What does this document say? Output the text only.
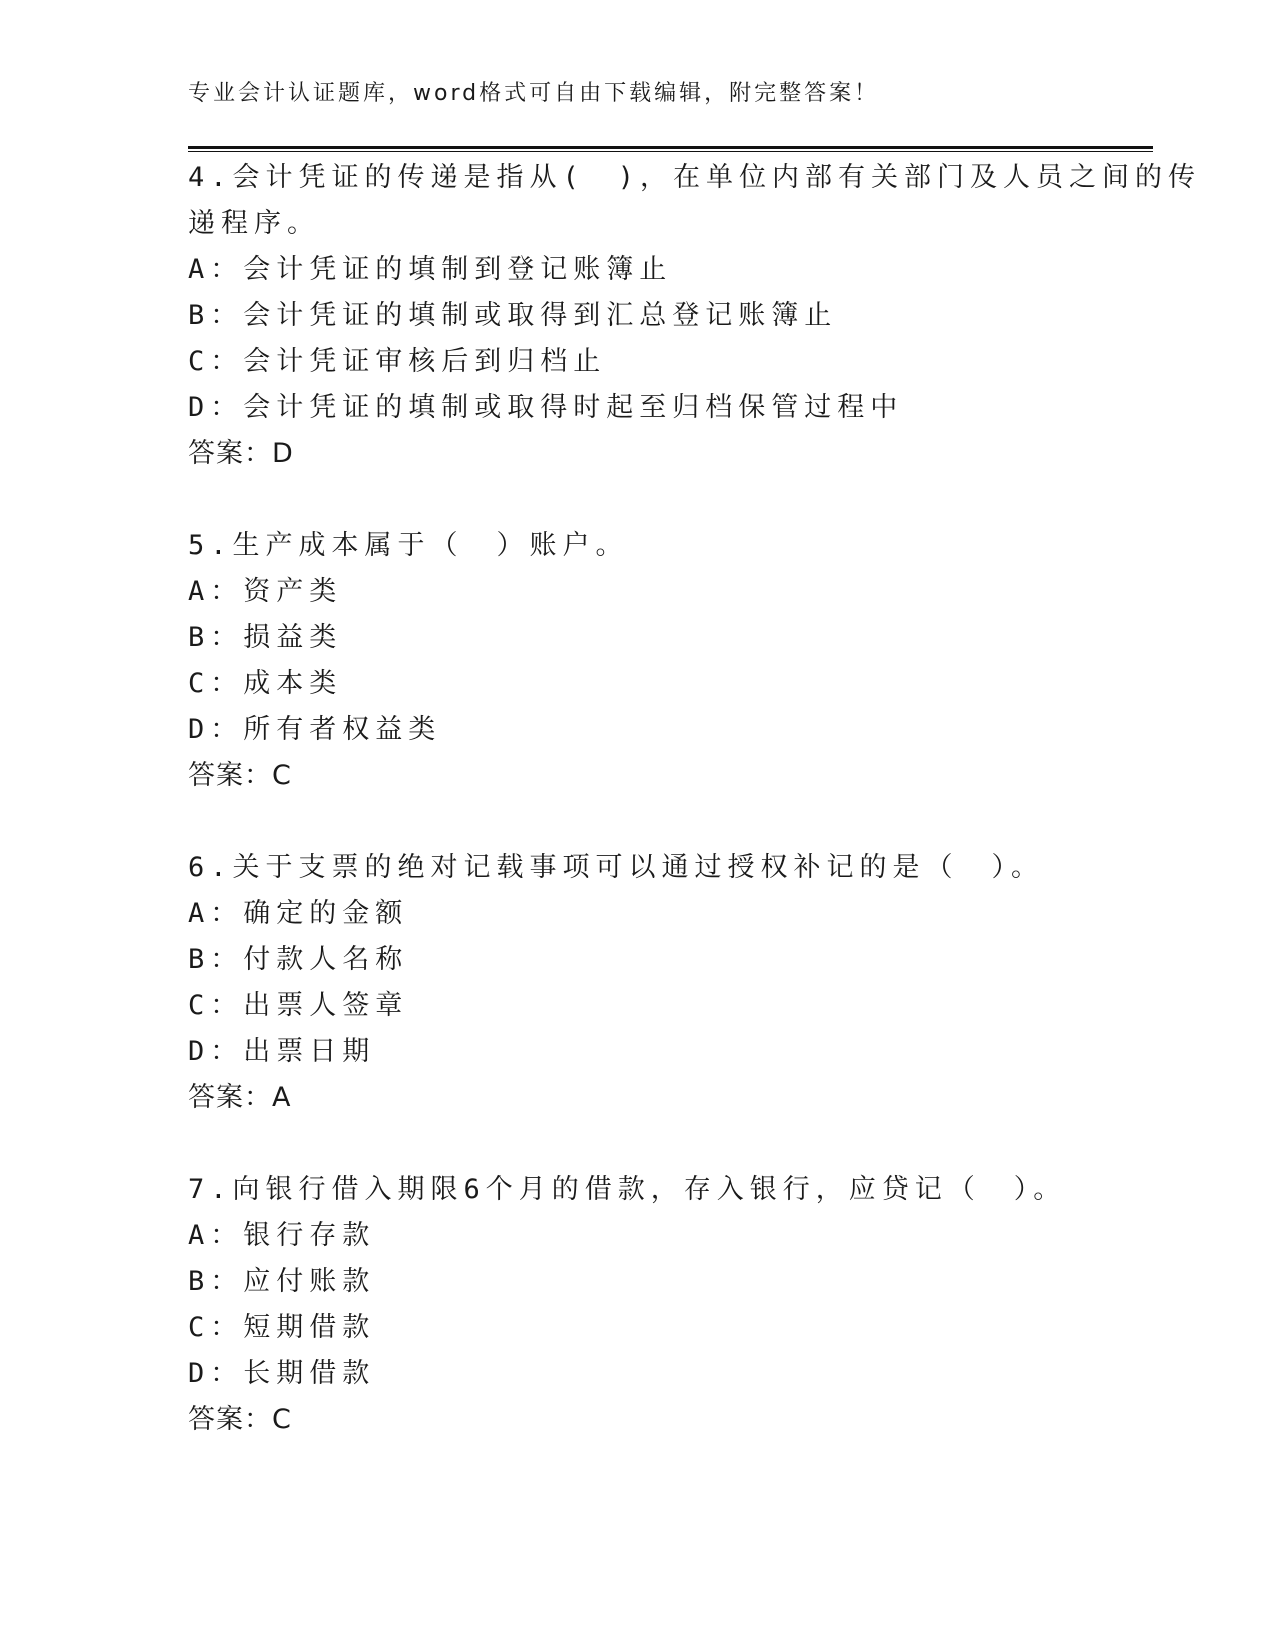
专业会计认证题库，word格式可自由下载编辑，附完整答案！
4.会计凭证的传递是指从(　)，在单位内部有关部门及人员之间的传
递程序。
A：会计凭证的填制到登记账簿止
B：会计凭证的填制或取得到汇总登记账簿止
C：会计凭证审核后到归档止
D：会计凭证的填制或取得时起至归档保管过程中
答案：D
5.生产成本属于（　）账户。
A：资产类
B：损益类
C：成本类
D：所有者权益类
答案：C
6.关于支票的绝对记载事项可以通过授权补记的是（　）。
A：确定的金额
B：付款人名称
C：出票人签章
D：出票日期
答案：A
7.向银行借入期限6个月的借款，存入银行，应贷记（　）。
A：银行存款
B：应付账款
C：短期借款
D：长期借款
答案：C
